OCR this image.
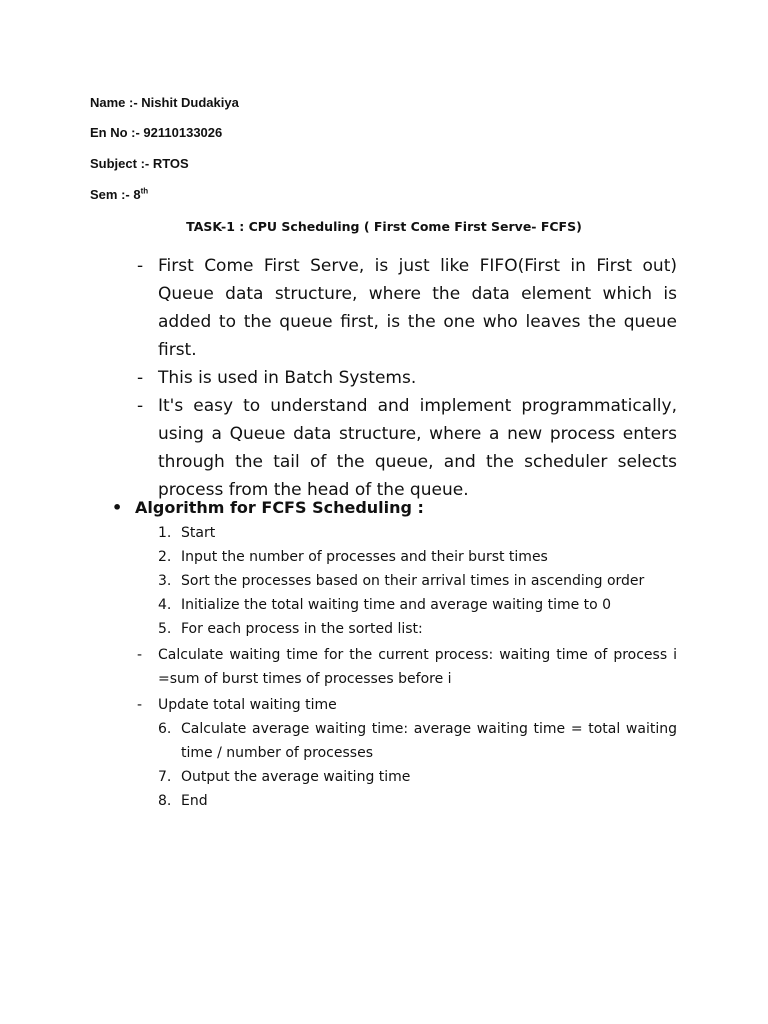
Name :- Nishit Dudakiya
En No :- 92110133026
Subject :- RTOS
Sem :- 8th
TASK-1 : CPU Scheduling ( First Come First Serve- FCFS)
- First Come First Serve, is just like FIFO(First in First out) Queue data structure, where the data element which is added to the queue first, is the one who leaves the queue first.
- This is used in Batch Systems.
- It's easy to understand and implement programmatically, using a Queue data structure, where a new process enters through the tail of the queue, and the scheduler selects process from the head of the queue.
• Algorithm for FCFS Scheduling :
1. Start
2. Input the number of processes and their burst times
3. Sort the processes based on their arrival times in ascending order
4. Initialize the total waiting time and average waiting time to 0
5. For each process in the sorted list:
- Calculate waiting time for the current process: waiting time of process i =sum of burst times of processes before i
- Update total waiting time
6. Calculate average waiting time: average waiting time = total waiting time / number of processes
7. Output the average waiting time
8. End
